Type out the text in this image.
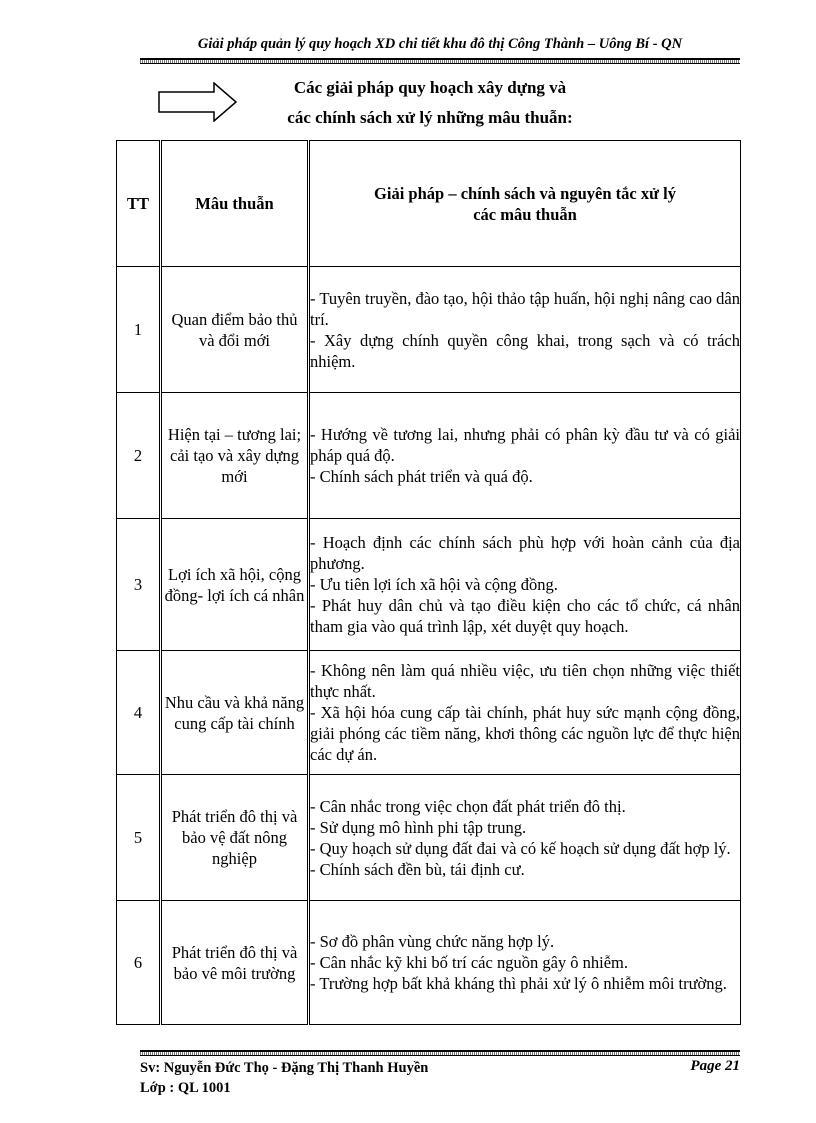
Giải pháp quản lý quy hoạch XD chi tiết khu đô thị Công Thành – Uông Bí - QN
Các giải pháp quy hoạch xây dựng và
các chính sách xử lý những mâu thuẫn:
TT	Mâu thuẫn	Giải pháp – chính sách và nguyên tắc xử lý
các mâu thuẫn

1	Quan điểm bảo thủ và đổi mới	- Tuyên truyền, đào tạo, hội thảo tập huấn, hội nghị nâng cao dân trí.
- Xây dựng chính quyền công khai, trong sạch và có trách nhiệm.

2	Hiện tại – tương lai; cải tạo và xây dựng mới	- Hướng về tương lai, nhưng phải có phân kỳ đầu tư và có giải pháp quá độ.
- Chính sách phát triển và quá độ.

3	Lợi ích xã hội, cộng đồng- lợi ích cá nhân	- Hoạch định các chính sách phù hợp với hoàn cảnh của địa phương.
- Ưu tiên lợi ích xã hội và cộng đồng.
- Phát huy dân chủ và tạo điều kiện cho các tổ chức, cá nhân tham gia vào quá trình lập, xét duyệt quy hoạch.

4	Nhu cầu và khả năng cung cấp tài chính	- Không nên làm quá nhiều việc, ưu tiên chọn những việc thiết thực nhất.
- Xã hội hóa cung cấp tài chính, phát huy sức mạnh cộng đồng, giải phóng các tiềm năng, khơi thông các nguồn lực để thực hiện các dự án.

5	Phát triển đô thị và bảo vệ đất nông nghiệp	- Cân nhắc trong việc chọn đất phát triển đô thị.
- Sử dụng mô hình phi tập trung.
- Quy hoạch sử dụng đất đai và có kế hoạch sử dụng đất hợp lý.
- Chính sách đền bù, tái định cư.

6	Phát triển đô thị và bảo vê môi trường	- Sơ đồ phân vùng chức năng hợp lý.
- Cân nhắc kỹ khi bố trí các nguồn gây ô nhiễm.
- Trường hợp bất khả kháng thì phải xử lý ô nhiễm môi trường.
Sv: Nguyễn Đức Thọ - Đặng Thị Thanh Huyền
Lớp : QL 1001
Page 21
